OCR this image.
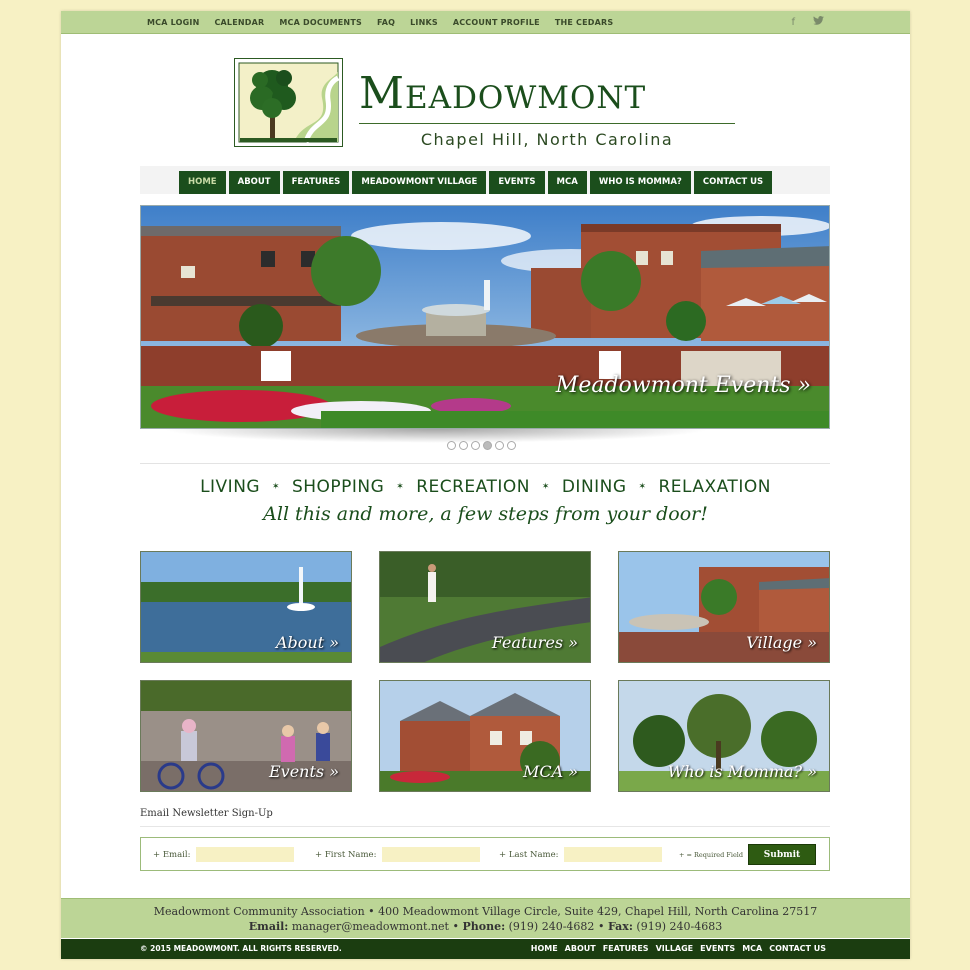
MCA LOGIN CALENDAR MCA DOCUMENTS FAQ LINKS ACCOUNT PROFILE THE CEDARS	f
Meadowmont
Chapel Hill, North Carolina
HOME	ABOUT	FEATURES	MEADOWMONT VILLAGE	EVENTS	MCA	WHO IS MOMMA?	CONTACT US
Meadowmont Events »
LIVING ✶ SHOPPING ✶ RECREATION ✶ DINING ✶ RELAXATION
All this and more, a few steps from your door!
About »	Features »	Village »
Events »	MCA »	Who is Momma? »
Email Newsletter Sign-Up
+ Email:	+ First Name:	+ Last Name:	+ = Required Field	Submit
Meadowmont Community Association • 400 Meadowmont Village Circle, Suite 429, Chapel Hill, North Carolina 27517
Email: manager@meadowmont.net • Phone: (919) 240-4682 • Fax: (919) 240-4683
© 2015 MEADOWMONT. ALL RIGHTS RESERVED.	HOME ABOUT FEATURES VILLAGE EVENTS MCA CONTACT US
